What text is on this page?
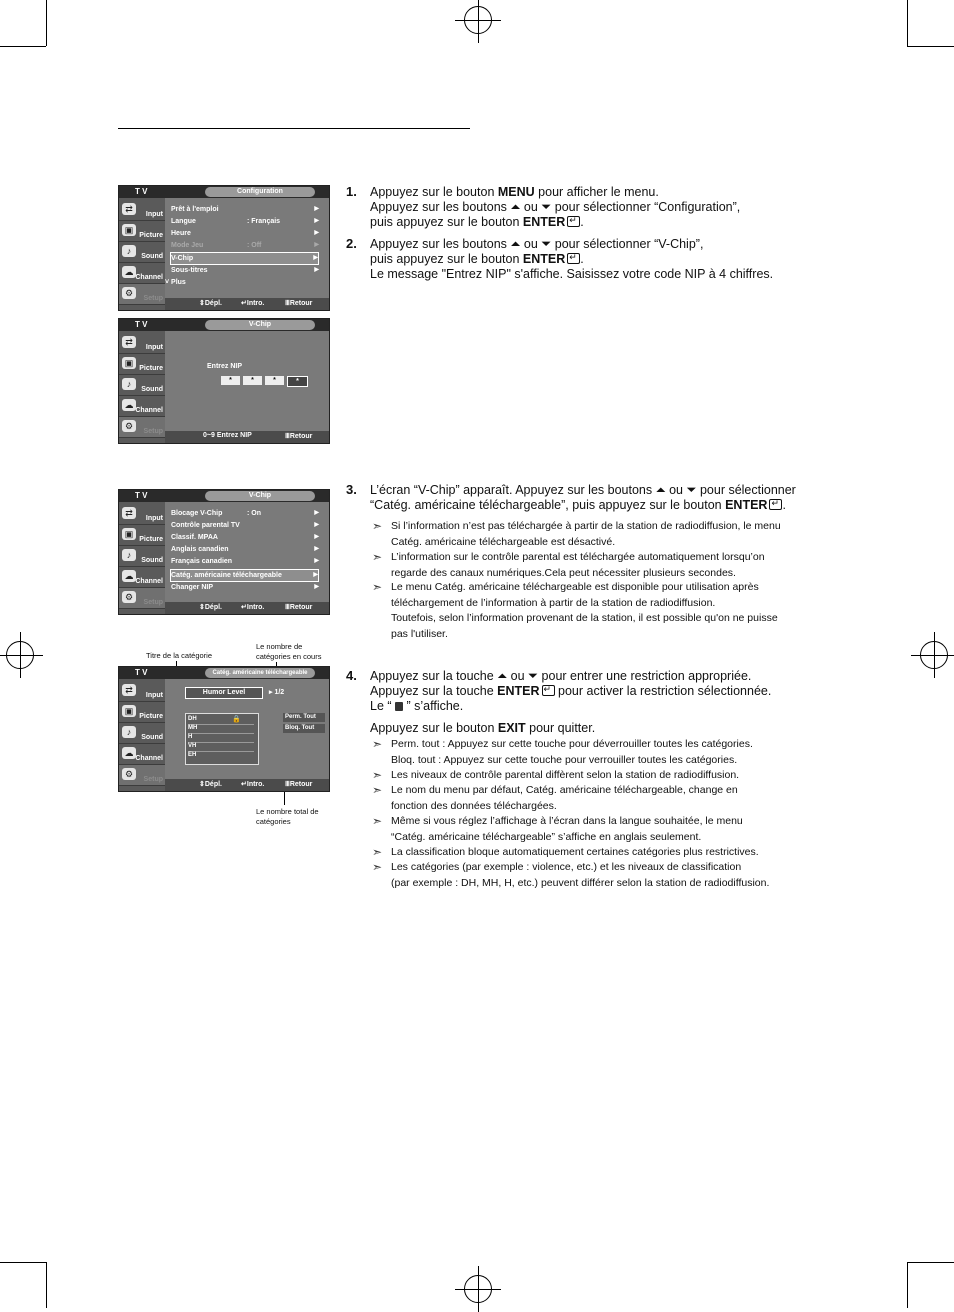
T V	Configuration
⇄
Input
▣
Picture
♪
Sound
☁
Channel
⚙
Setup
Prêt à l'emploi	▶
Langue	: Français	▶
Heure	▶
Mode Jeu	: Off	▶
V-Chip	▶
Sous-titres	▶
˅ Plus
⇕ Dépl.	↵ Intro.	Ⅲ Retour
T V	V-Chip
⇄
Input
▣
Picture
♪
Sound
☁
Channel
⚙
Setup
Entrez NIP
*	*	*	*
0~9 Entrez NIP	Ⅲ Retour
T V	V-Chip
⇄
Input
▣
Picture
♪
Sound
☁
Channel
⚙
Setup
Blocage V-Chip	: On	▶
Contrôle parental TV	▶
Classif. MPAA	▶
Anglais canadien	▶
Français canadien	▶
Catég. américaine téléchargeable	▶
Changer NIP	▶
⇕ Dépl.	↵ Intro.	Ⅲ Retour
Titre de la catégorie
Le nombre de
catégories en cours
Le nombre total de
catégories
T V	Catég. américaine téléchargeable
⇄
Input
▣
Picture
♪
Sound
☁
Channel
⚙
Setup
Humor Level	▸ 1/2
DH	🔒
MH
H
VH
EH
Perm. Tout
Bloq. Tout
⇕ Dépl.	↵ Intro.	Ⅲ Retour
1. Appuyez sur le bouton MENU pour afficher le menu.
Appuyez sur les boutons ⏶ ou ⏷ pour sélectionner “Configuration”,
puis appuyez sur le bouton ENTER ↵ .
2. Appuyez sur les boutons ⏶ ou ⏷ pour sélectionner “V-Chip”,
puis appuyez sur le bouton ENTER ↵ .
Le message "Entrez NIP" s'affiche. Saisissez votre code NIP à 4 chiffres.
3. L’écran “V-Chip” apparaît. Appuyez sur les boutons ⏶ ou ⏷ pour sélectionner
“Catég. américaine téléchargeable”, puis appuyez sur le bouton ENTER ↵ .
➣ Si l’information n’est pas téléchargée à partir de la station de radiodiffusion, le menu
Catég. américaine téléchargeable est désactivé.
➣ L’information sur le contrôle parental est téléchargée automatiquement lorsqu’on
regarde des canaux numériques.Cela peut nécessiter plusieurs secondes.
➣ Le menu Catég. américaine téléchargeable est disponible pour utilisation après
téléchargement de l’information à partir de la station de radiodiffusion.
Toutefois, selon l’information provenant de la station, il est possible qu'on ne puisse
pas l'utiliser.
4. Appuyez sur la touche ⏶ ou ⏷ pour entrer une restriction appropriée.
Appuyez sur la touche ENTER↵ pour activer la restriction sélectionnée.
Le “  ” s’affiche.
Appuyez sur le bouton EXIT pour quitter.
➣ Perm. tout : Appuyez sur cette touche pour déverrouiller toutes les catégories.
Bloq. tout : Appuyez sur cette touche pour verrouiller toutes les catégories.
➣ Les niveaux de contrôle parental diffèrent selon la station de radiodiffusion.
➣ Le nom du menu par défaut, Catég. américaine téléchargeable, change en
fonction des données téléchargées.
➣ Même si vous réglez l’affichage à l’écran dans la langue souhaitée, le menu
“Catég. américaine téléchargeable” s’affiche en anglais seulement.
➣ La classification bloque automatiquement certaines catégories plus restrictives.
➣ Les catégories (par exemple : violence, etc.) et les niveaux de classification
(par exemple : DH, MH, H, etc.) peuvent différer selon la station de radiodiffusion.
